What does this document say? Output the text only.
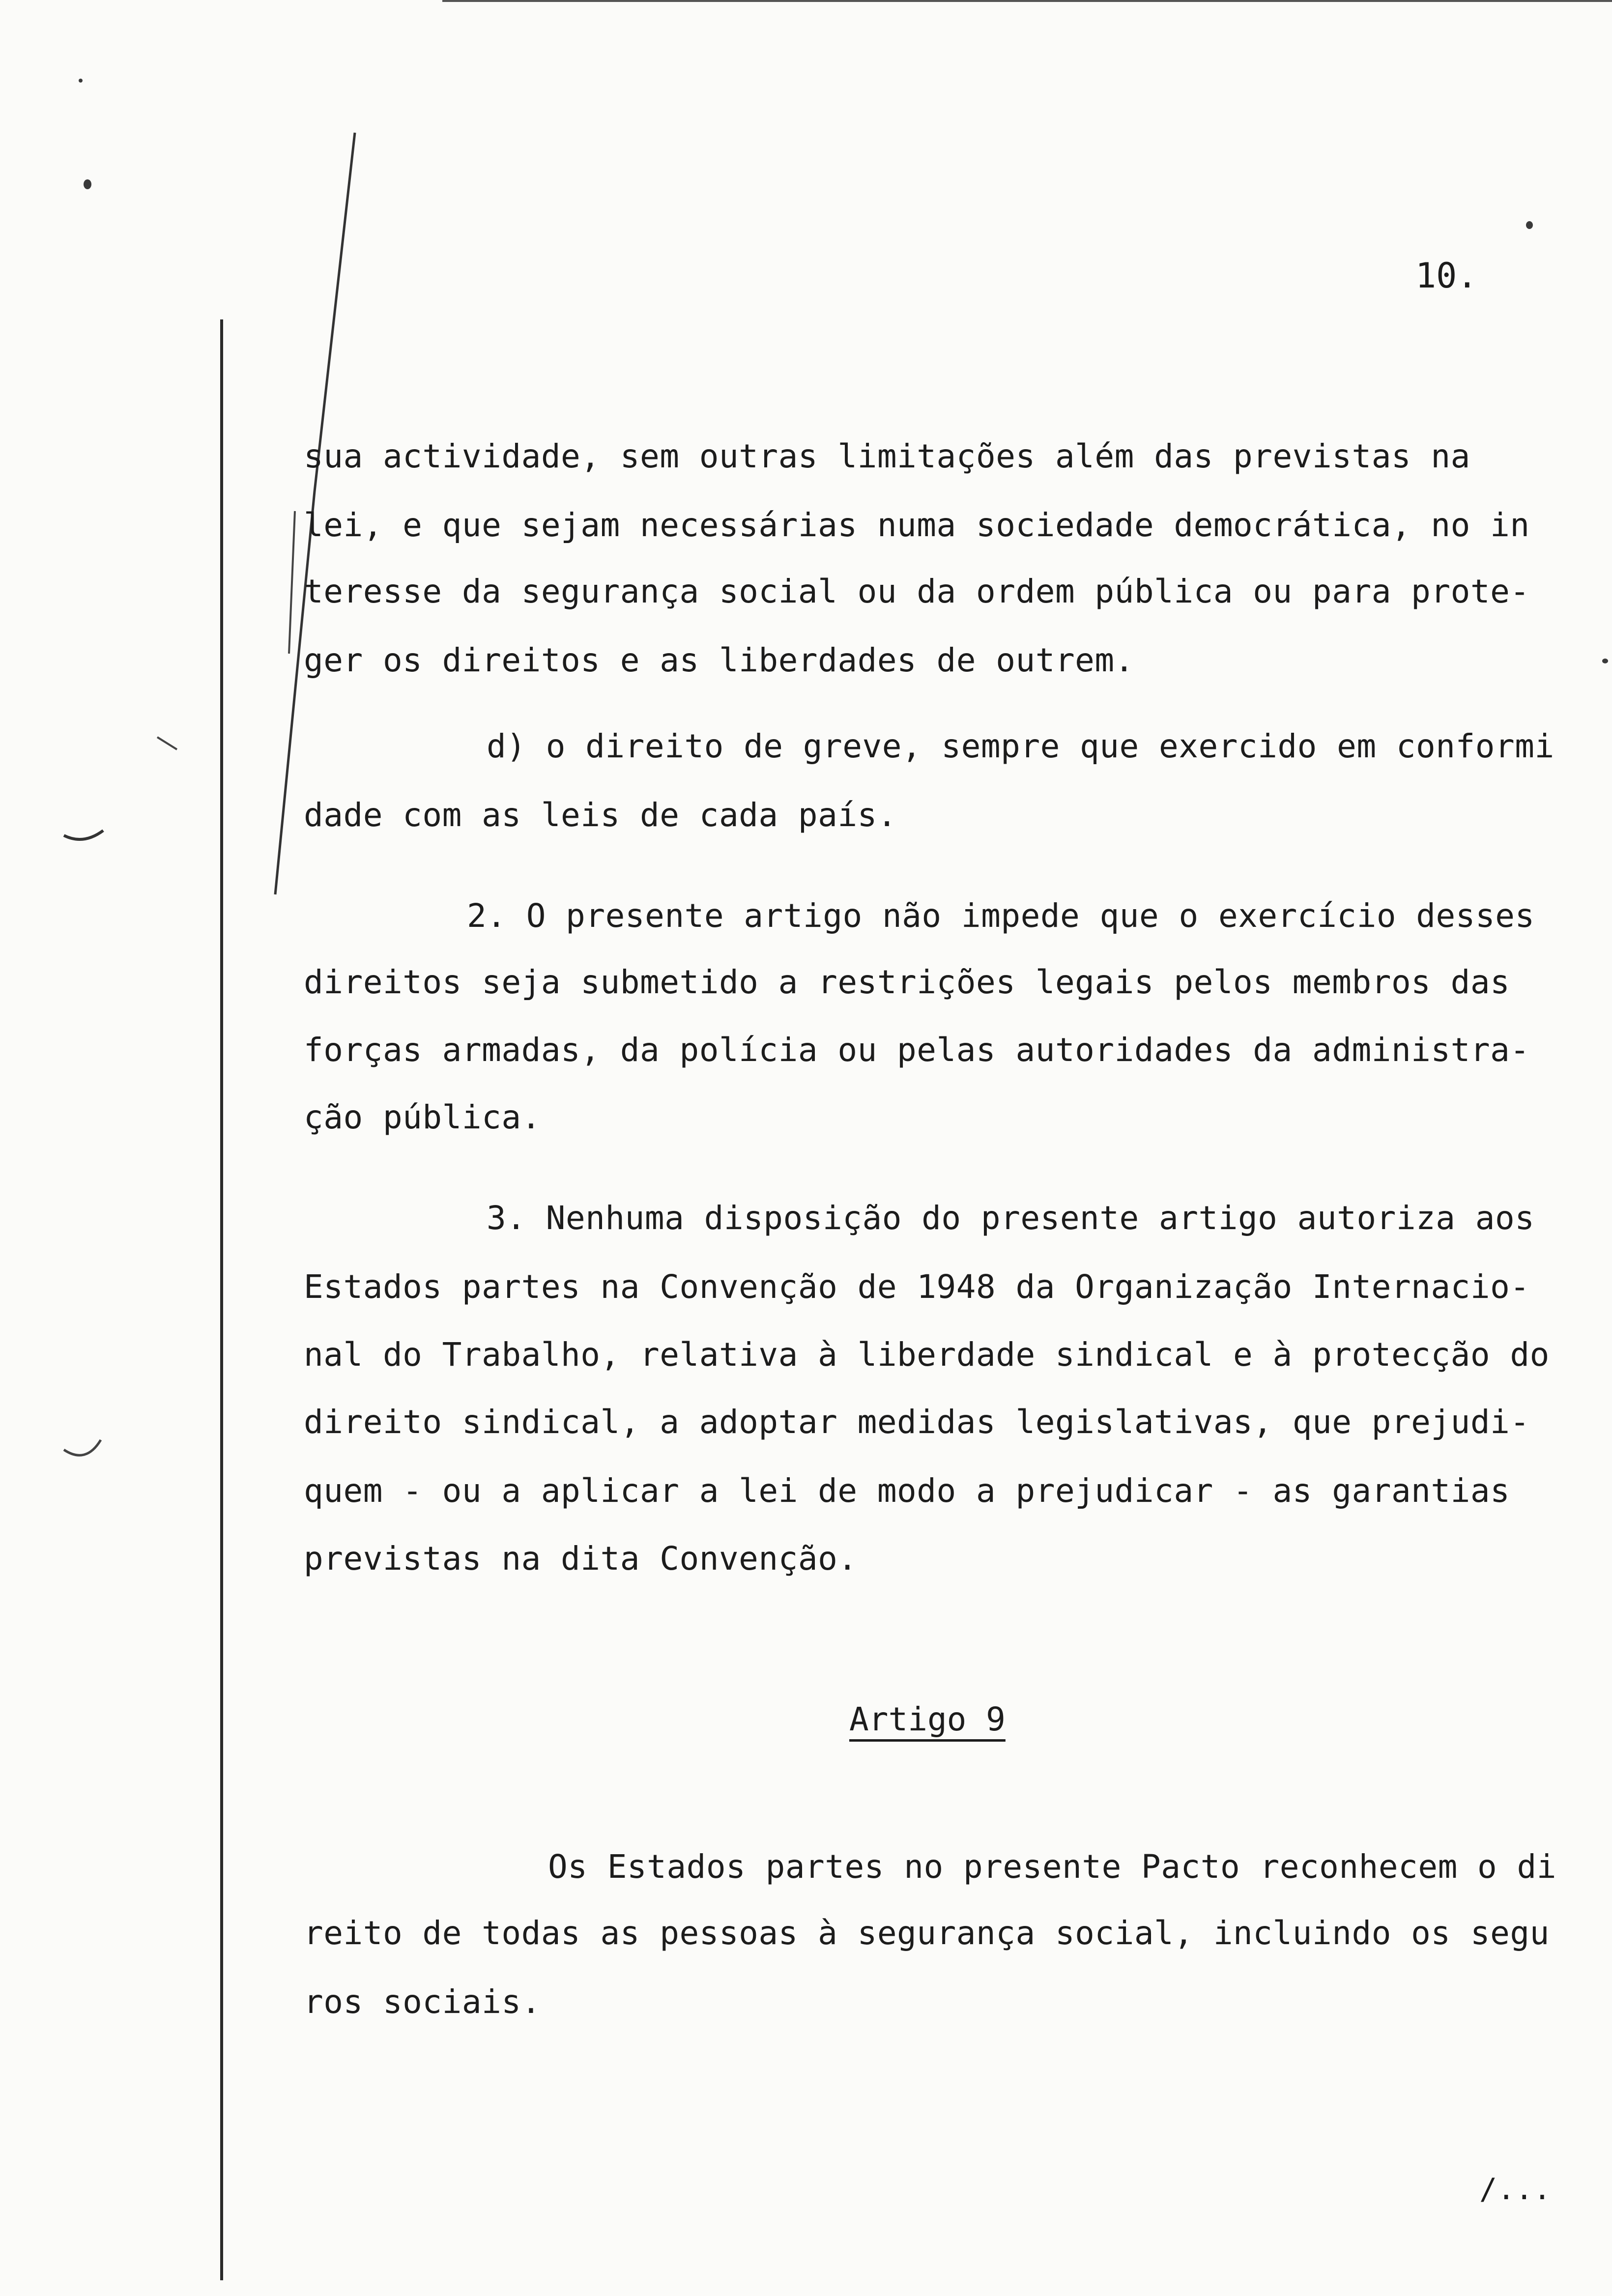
10.
sua actividade, sem outras limitações além das previstas na
lei, e que sejam necessárias numa sociedade democrática, no in
teresse da segurança social ou da ordem pública ou para prote-
ger os direitos e as liberdades de outrem.
d) o direito de greve, sempre que exercido em conformi
dade com as leis de cada país.
2. O presente artigo não impede que o exercício desses
direitos seja submetido a restrições legais pelos membros das
forças armadas, da polícia ou pelas autoridades da administra-
ção pública.
3. Nenhuma disposição do presente artigo autoriza aos
Estados partes na Convenção de 1948 da Organização Internacio-
nal do Trabalho, relativa à liberdade sindical e à protecção do
direito sindical, a adoptar medidas legislativas, que prejudi-
quem - ou a aplicar a lei de modo a prejudicar - as garantias
previstas na dita Convenção.
Artigo 9
Os Estados partes no presente Pacto reconhecem o di
reito de todas as pessoas à segurança social, incluindo os segu
ros sociais.
/...
